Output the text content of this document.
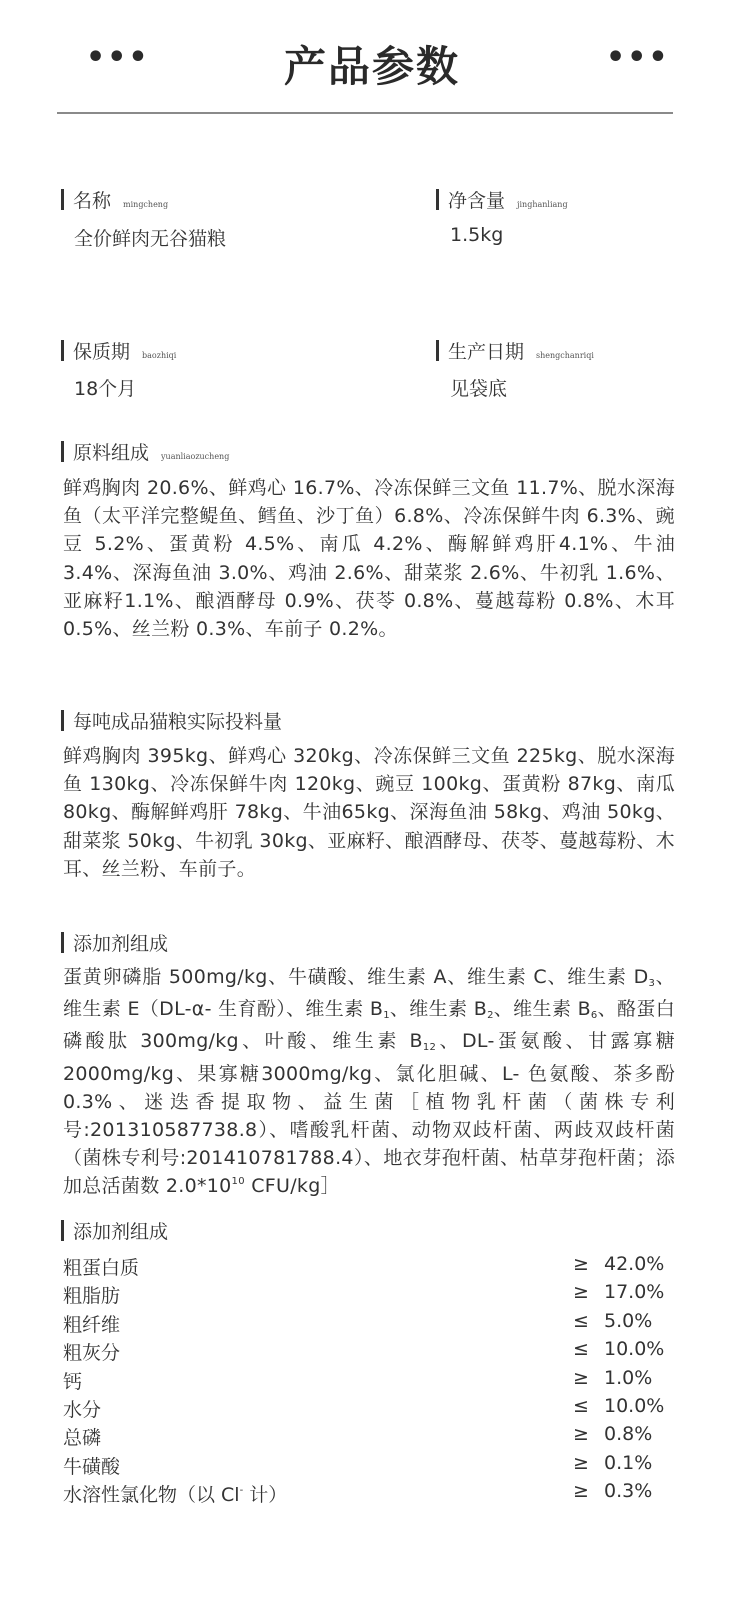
•••	产品参数	•••
名称 mingcheng
全价鲜肉无谷猫粮
净含量 jinghanliang
1.5kg
保质期 baozhiqi
18个月
生产日期 shengchanriqi
见袋底
原料组成 yuanliaozucheng
鲜鸡胸肉 20.6%、鲜鸡心 16.7%、冷冻保鲜三文鱼 11.7%、脱水深海鱼（太平洋完整鳀鱼、鳕鱼、沙丁鱼）6.8%、冷冻保鲜牛肉 6.3%、豌豆 5.2%、蛋黄粉 4.5%、南瓜 4.2%、酶解鲜鸡肝4.1%、牛油 3.4%、深海鱼油 3.0%、鸡油 2.6%、甜菜浆 2.6%、牛初乳 1.6%、亚麻籽1.1%、酿酒酵母 0.9%、茯苓 0.8%、蔓越莓粉 0.8%、木耳 0.5%、丝兰粉 0.3%、车前子 0.2%。
每吨成品猫粮实际投料量
鲜鸡胸肉 395kg、鲜鸡心 320kg、冷冻保鲜三文鱼 225kg、脱水深海鱼 130kg、冷冻保鲜牛肉 120kg、豌豆 100kg、蛋黄粉 87kg、南瓜 80kg、酶解鲜鸡肝 78kg、牛油65kg、深海鱼油 58kg、鸡油 50kg、甜菜浆 50kg、牛初乳 30kg、亚麻籽、酿酒酵母、茯苓、蔓越莓粉、木耳、丝兰粉、车前子。
添加剂组成
蛋黄卵磷脂 500mg/kg、牛磺酸、维生素 A、维生素 C、维生素 $D_3$、维生素 E（DL-α- 生育酚）、维生素 $B_1$、维生素 $B_2$、维生素 $B_6$、酪蛋白磷酸肽 300mg/kg、叶酸、维生素 $B_{12}$、DL-蛋氨酸、甘露寡糖2000mg/kg、果寡糖3000mg/kg、氯化胆碱、L- 色氨酸、茶多酚 0.3%、迷迭香提取物、益生菌［植物乳杆菌（菌株专利号:201310587738.8）、嗜酸乳杆菌、动物双歧杆菌、两歧双歧杆菌（菌株专利号:201410781788.4）、地衣芽孢杆菌、枯草芽孢杆菌；添加总活菌数 $2.0*10^{10}$ CFU/kg］
添加剂组成
粗蛋白质	≥ 42.0%
粗脂肪	≥ 17.0%
粗纤维	≤ 5.0%
粗灰分	≤ 10.0%
钙	≥ 1.0%
水分	≤ 10.0%
总磷	≥ 0.8%
牛磺酸	≥ 0.1%
水溶性氯化物（以 Cl- 计）	≥ 0.3%
